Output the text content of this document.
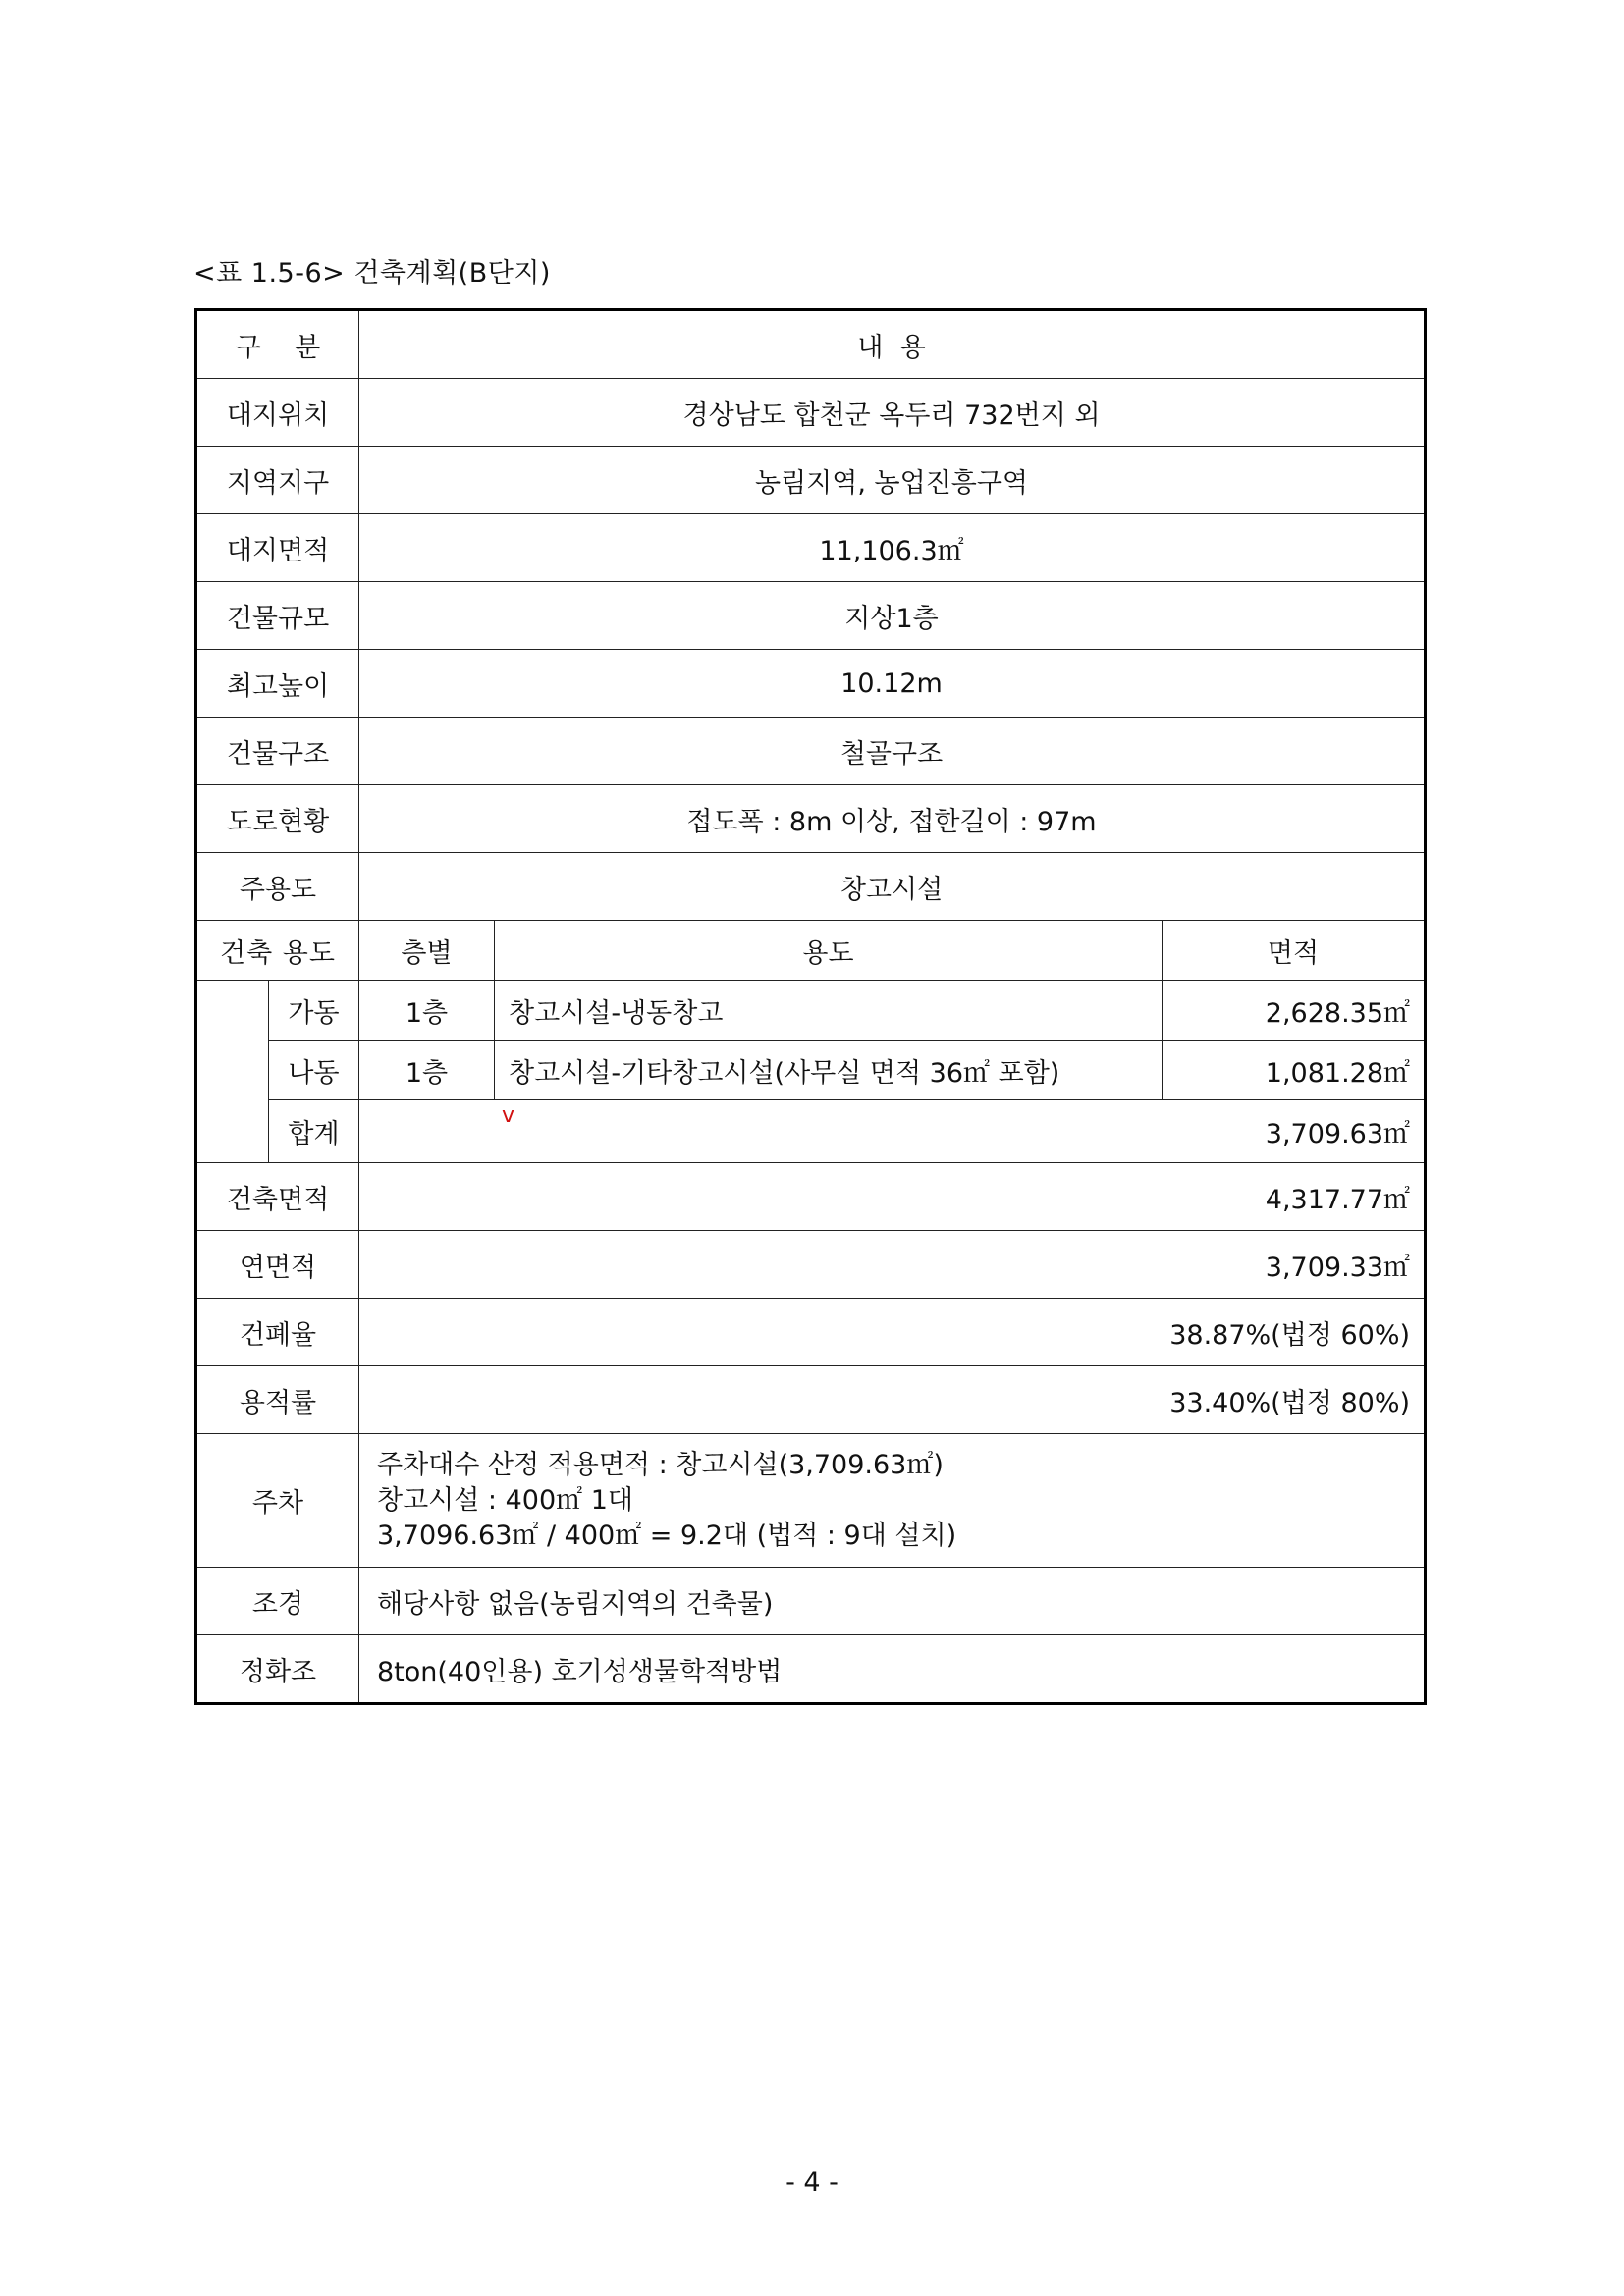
<표 1.5-6> 건축계획(B단지)
구    분		내  용		
대지위치		경상남도 합천군 옥두리 732번지 외		
지역지구		농림지역, 농업진흥구역		
대지면적		11,106.3㎡		
건물규모		지상1층		
최고높이		10.12m		
건물구조		철골구조		
도로현황		접도폭 : 8m 이상, 접한길이 : 97m		
주용도		창고시설		
건축 용도		층별	용도	면적
	가동	1층	창고시설-냉동창고	2,628.35㎡
	나동	1층	창고시설-기타창고시설(사무실 면적 36㎡ 포함)	1,081.28㎡
	합계	3,709.63㎡		
건축면적		4,317.77㎡		
연면적		3,709.33㎡		
건폐율		38.87%(법정 60%)		
용적률		33.40%(법정 80%)		
주차		주차대수 산정 적용면적 : 창고시설(3,709.63㎡)
창고시설 : 400㎡ 1대
3,7096.63㎡ / 400㎡ = 9.2대 (법적 : 9대 설치)		

조경		해당사항 없음(농림지역의 건축물)		
정화조		8ton(40인용) 호기성생물학적방법		
v
- 4 -
